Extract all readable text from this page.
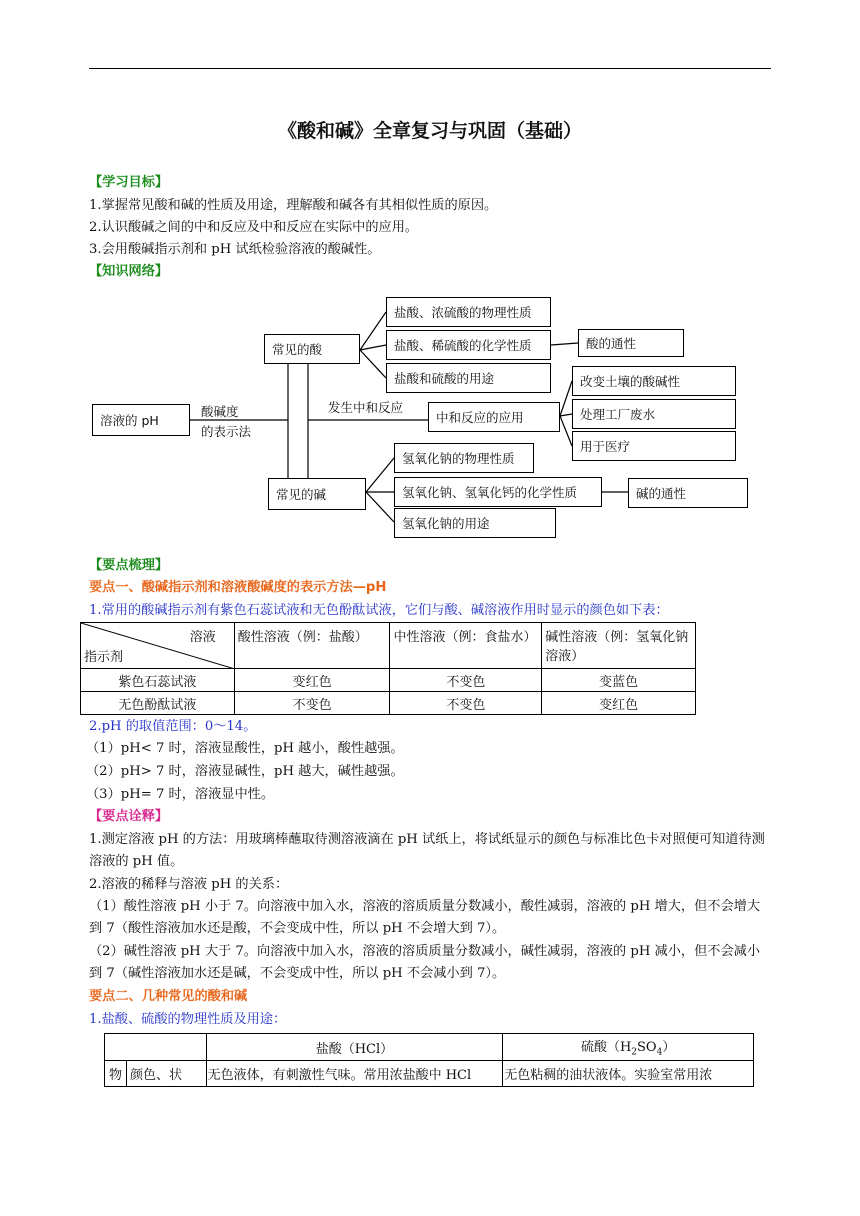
《酸和碱》全章复习与巩固（基础）
【学习目标】
1.掌握常见酸和碱的性质及用途，理解酸和碱各有其相似性质的原因。
2.认识酸碱之间的中和反应及中和反应在实际中的应用。
3.会用酸碱指示剂和 pH 试纸检验溶液的酸碱性。
【知识网络】
溶液的 pH
酸碱度
的表示法
常见的酸
常见的碱
发生中和反应
盐酸、浓硫酸的物理性质
盐酸、稀硫酸的化学性质
盐酸和硫酸的用途
酸的通性
中和反应的应用
改变土壤的酸碱性
处理工厂废水
用于医疗
氢氧化钠的物理性质
氢氧化钠、氢氧化钙的化学性质
氢氧化钠的用途
碱的通性
【要点梳理】
要点一、酸碱指示剂和溶液酸碱度的表示方法—pH
1.常用的酸碱指示剂有紫色石蕊试液和无色酚酞试液，它们与酸、碱溶液作用时显示的颜色如下表：
溶液
指示剂	酸性溶液（例：盐酸）	中性溶液（例：食盐水）	碱性溶液（例：氢氧化钠溶液）
紫色石蕊试液	变红色	不变色	变蓝色
无色酚酞试液	不变色	不变色	变红色
2.pH 的取值范围：0～14。
（1）pH< 7 时，溶液显酸性，pH 越小，酸性越强。
（2）pH> 7 时，溶液显碱性，pH 越大，碱性越强。
（3）pH= 7 时，溶液显中性。
【要点诠释】
1.测定溶液 pH 的方法：用玻璃棒蘸取待测溶液滴在 pH 试纸上，将试纸显示的颜色与标准比色卡对照便可知道待测溶液的 pH 值。
2.溶液的稀释与溶液 pH 的关系：
（1）酸性溶液 pH 小于 7。向溶液中加入水，溶液的溶质质量分数减小，酸性减弱，溶液的 pH 增大，但不会增大到 7（酸性溶液加水还是酸，不会变成中性，所以 pH 不会增大到 7）。
（2）碱性溶液 pH 大于 7。向溶液中加入水，溶液的溶质质量分数减小，碱性减弱，溶液的 pH 减小，但不会减小到 7（碱性溶液加水还是碱，不会变成中性，所以 pH 不会减小到 7）。
要点二、几种常见的酸和碱
1.盐酸、硫酸的物理性质及用途：
		盐酸（HCl）	硫酸$(H_2SO_4)$
物	颜色、状	无色液体，有刺激性气味。常用浓盐酸中 HCl	无色粘稠的油状液体。实验室常用浓
